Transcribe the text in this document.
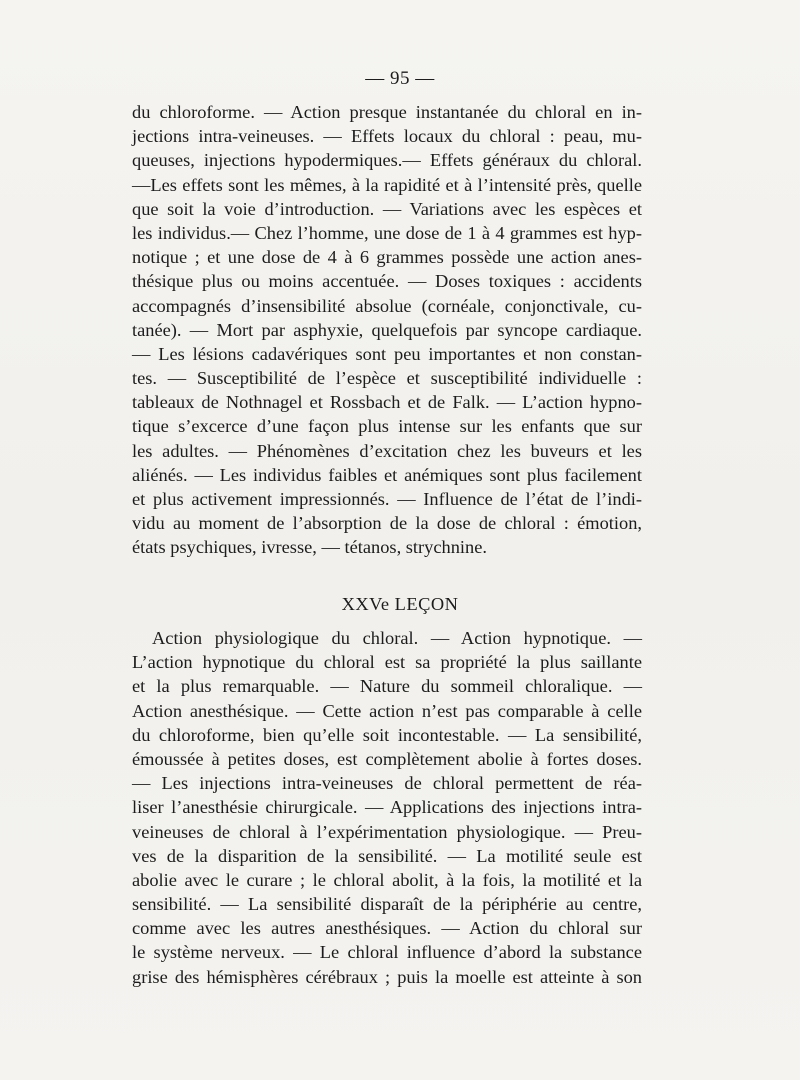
— 95 —
du chloroforme. — Action presque instantanée du chloral en in-
jections intra-veineuses. — Effets locaux du chloral : peau, mu-
queuses, injections hypodermiques.— Effets généraux du chloral.
—Les effets sont les mêmes, à la rapidité et à l’intensité près, quelle
que soit la voie d’introduction. — Variations avec les espèces et
les individus.— Chez l’homme, une dose de 1 à 4 grammes est hyp-
notique ; et une dose de 4 à 6 grammes possède une action anes-
thésique plus ou moins accentuée. — Doses toxiques : accidents
accompagnés d’insensibilité absolue (cornéale, conjonctivale, cu-
tanée). — Mort par asphyxie, quelquefois par syncope cardiaque.
— Les lésions cadavériques sont peu importantes et non constan-
tes. — Susceptibilité de l’espèce et susceptibilité individuelle :
tableaux de Nothnagel et Rossbach et de Falk. — L’action hypno-
tique s’excerce d’une façon plus intense sur les enfants que sur
les adultes. — Phénomènes d’excitation chez les buveurs et les
aliénés. — Les individus faibles et anémiques sont plus facilement
et plus activement impressionnés. — Influence de l’état de l’indi-
vidu au moment de l’absorption de la dose de chloral : émotion,
états psychiques, ivresse, — tétanos, strychnine.
XXVe LEÇON
Action physiologique du chloral. — Action hypnotique. —
L’action hypnotique du chloral est sa propriété la plus saillante
et la plus remarquable. — Nature du sommeil chloralique. —
Action anesthésique. — Cette action n’est pas comparable à celle
du chloroforme, bien qu’elle soit incontestable. — La sensibilité,
émoussée à petites doses, est complètement abolie à fortes doses.
— Les injections intra-veineuses de chloral permettent de réa-
liser l’anesthésie chirurgicale. — Applications des injections intra-
veineuses de chloral à l’expérimentation physiologique. — Preu-
ves de la disparition de la sensibilité. — La motilité seule est
abolie avec le curare ; le chloral abolit, à la fois, la motilité et la
sensibilité. — La sensibilité disparaît de la périphérie au centre,
comme avec les autres anesthésiques. — Action du chloral sur
le système nerveux. — Le chloral influence d’abord la substance
grise des hémisphères cérébraux ; puis la moelle est atteinte à son
